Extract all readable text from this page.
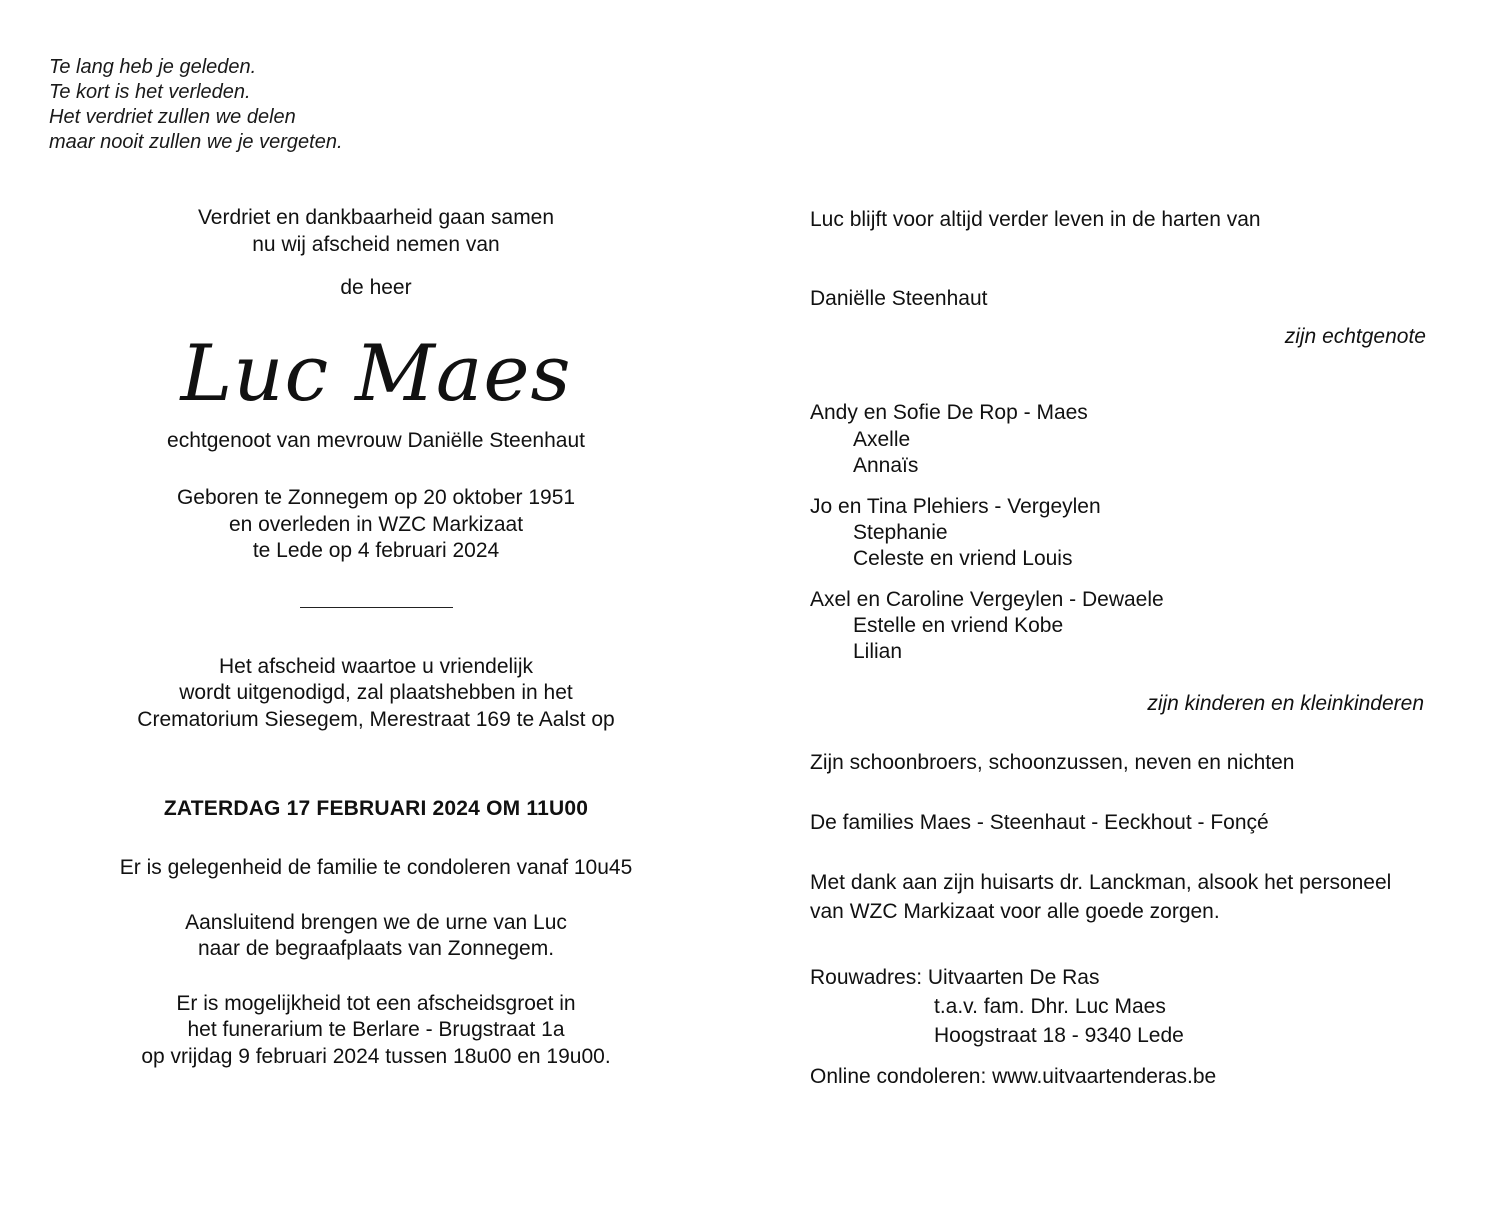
Te lang heb je geleden.
Te kort is het verleden.
Het verdriet zullen we delen
maar nooit zullen we je vergeten.
Verdriet en dankbaarheid gaan samen
nu wij afscheid nemen van
de heer
Luc Maes
echtgenoot van mevrouw Daniëlle Steenhaut
Geboren te Zonnegem op 20 oktober 1951
en overleden in WZC Markizaat
te Lede op 4 februari 2024
Het afscheid waartoe u vriendelijk
wordt uitgenodigd, zal plaatshebben in het
Crematorium Siesegem, Merestraat 169 te Aalst op
ZATERDAG 17 FEBRUARI 2024 OM 11U00
Er is gelegenheid de familie te condoleren vanaf 10u45
Aansluitend brengen we de urne van Luc
naar de begraafplaats van Zonnegem.
Er is mogelijkheid tot een afscheidsgroet in
het funerarium te Berlare - Brugstraat 1a
op vrijdag 9 februari 2024 tussen 18u00 en 19u00.
Luc blijft voor altijd verder leven in de harten van
Daniëlle Steenhaut
zijn echtgenote
Andy en Sofie De Rop - Maes
Axelle
Annaïs
Jo en Tina Plehiers - Vergeylen
Stephanie
Celeste en vriend Louis
Axel en Caroline Vergeylen - Dewaele
Estelle en vriend Kobe
Lilian
zijn kinderen en kleinkinderen
Zijn schoonbroers, schoonzussen, neven en nichten
De families Maes - Steenhaut - Eeckhout - Fonçé
Met dank aan zijn huisarts dr. Lanckman, alsook het personeel
van WZC Markizaat voor alle goede zorgen.
Rouwadres: Uitvaarten De Ras
t.a.v. fam. Dhr. Luc Maes
Hoogstraat 18 - 9340 Lede
Online condoleren: www.uitvaartenderas.be
